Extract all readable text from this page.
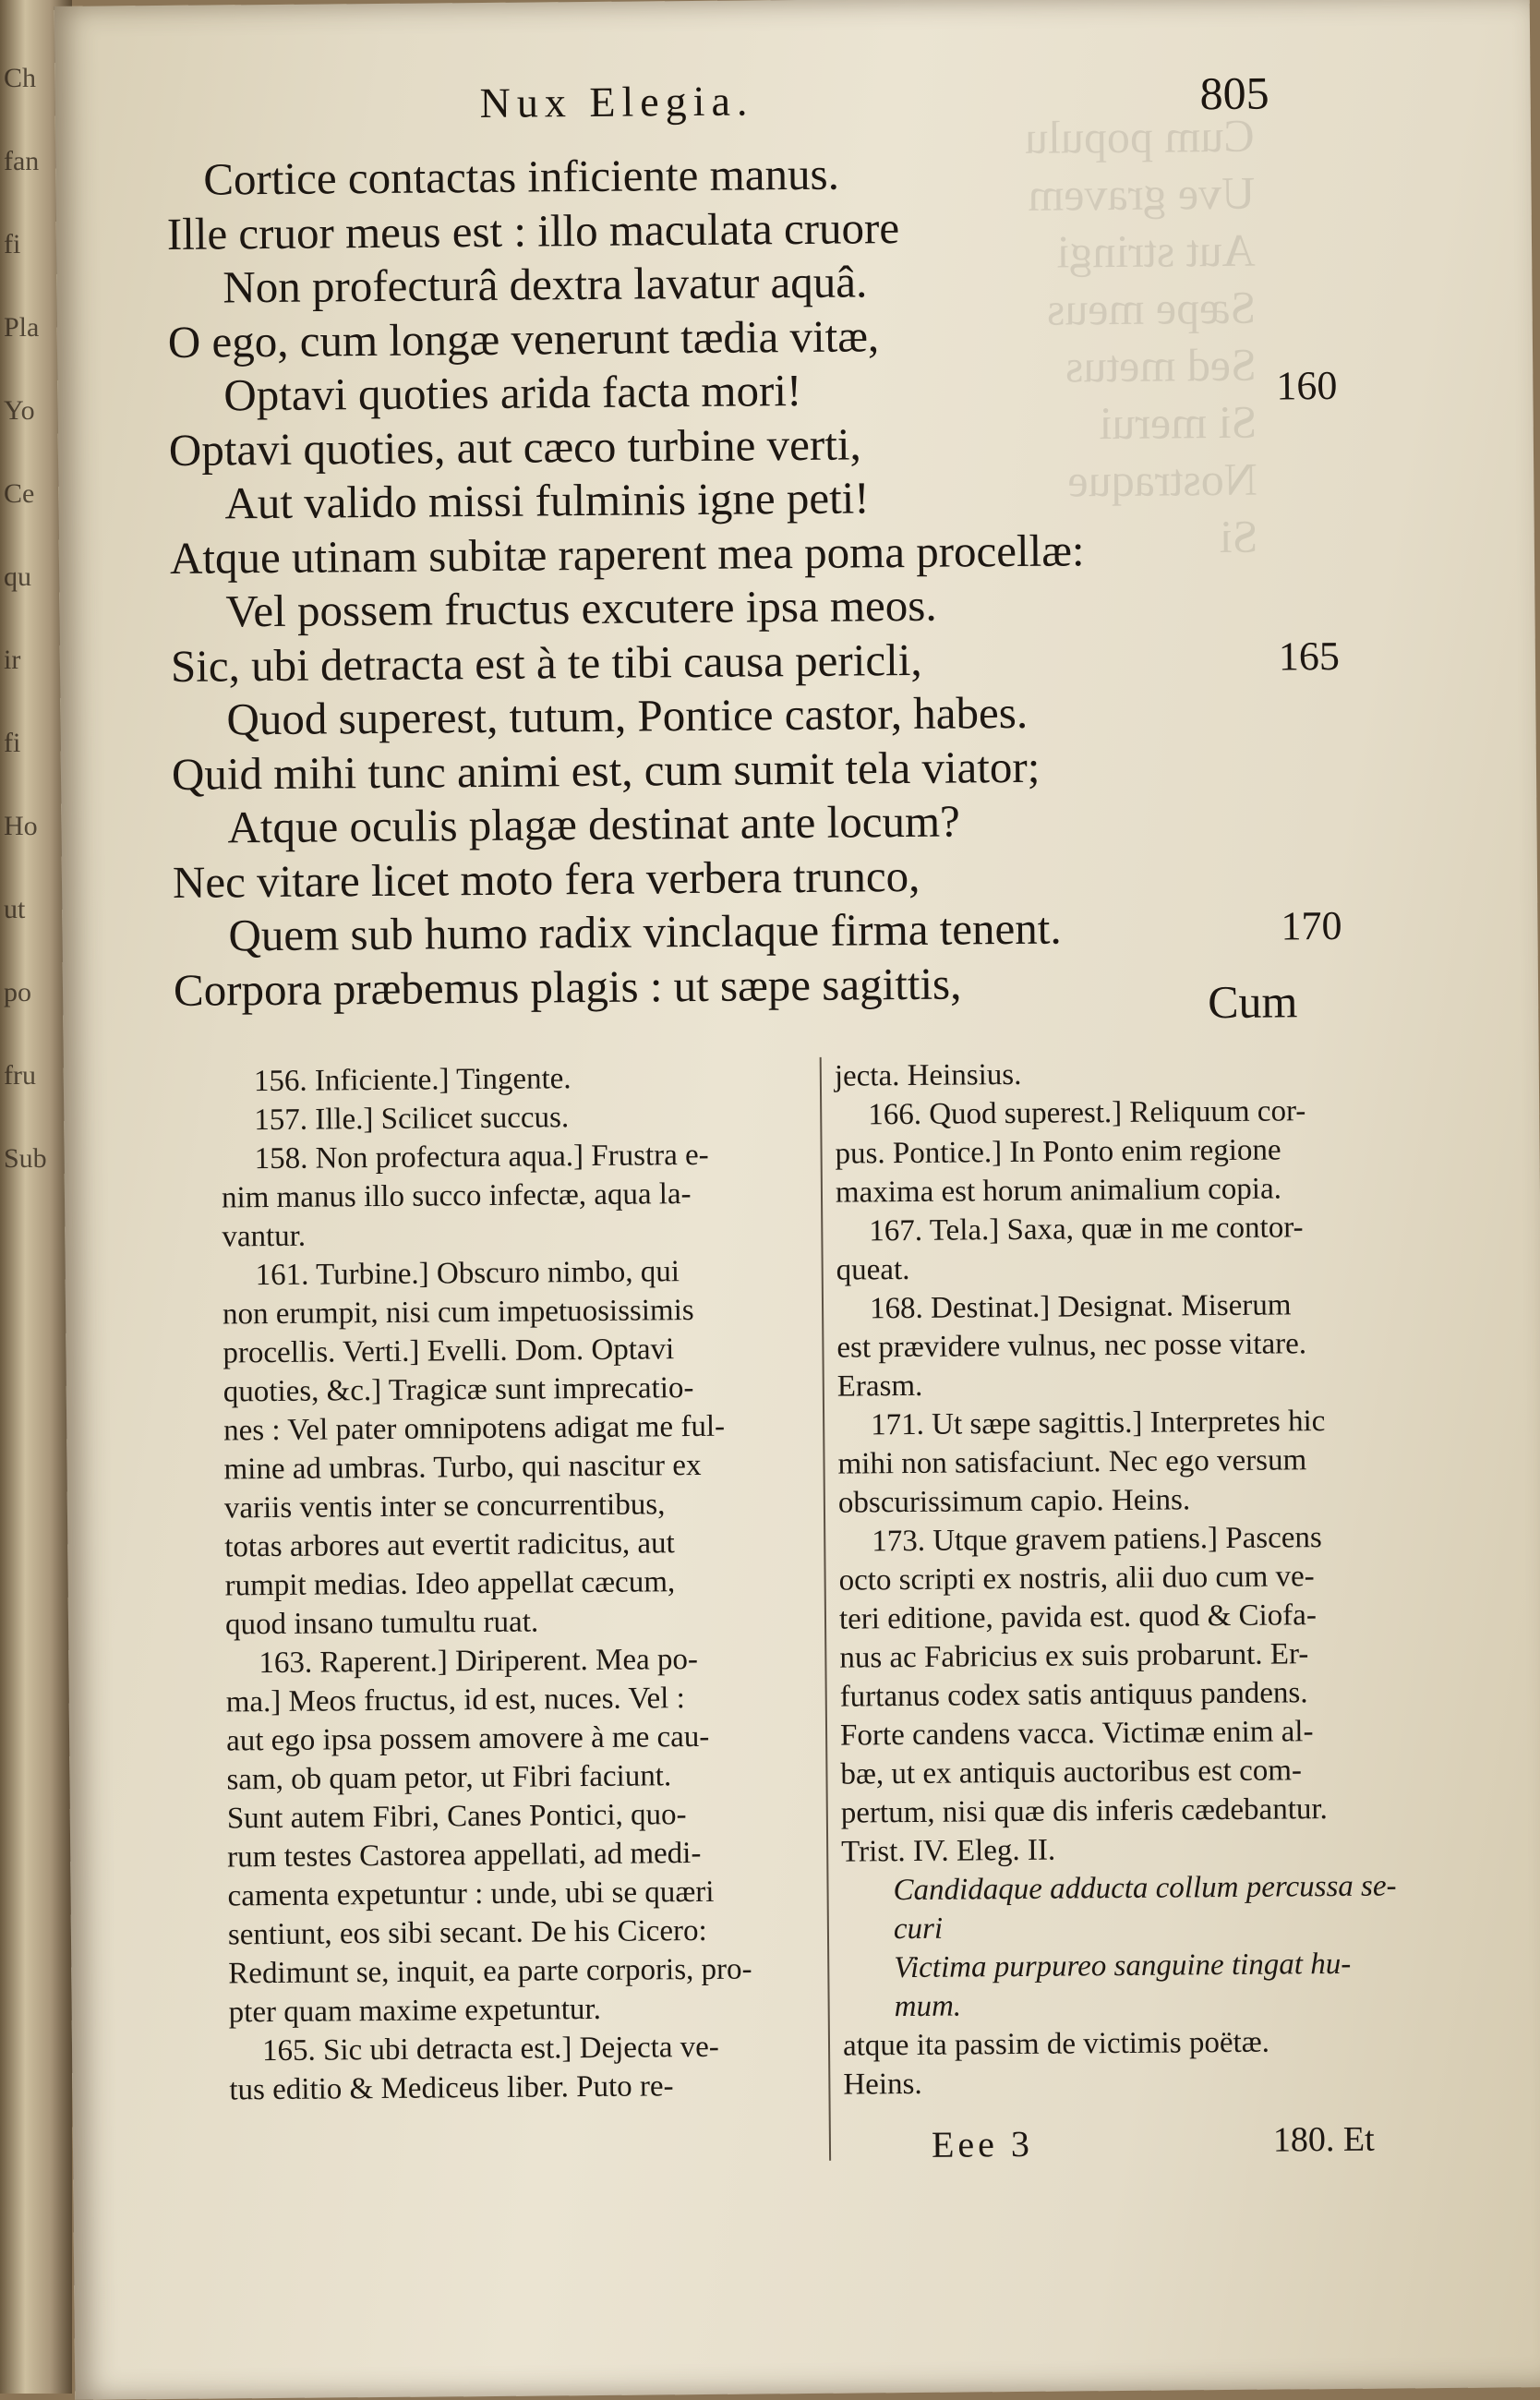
Ch
fan
fi
Pla
Yo
Ce
qu
ir
fi
Ho
ut
po
fru
Sub
Cum populu
Uve gravem
Aut stringi
Sæpe meus
Sed metus
Si merui
Nostraque
Si
Nux Elegia.	805
Cortice contactas inficiente manus.
Ille cruor meus est : illo maculata cruore
Non profecturâ dextra lavatur aquâ.
O ego, cum longæ venerunt tædia vitæ,
Optavi quoties arida facta mori!	160
Optavi quoties, aut cæco turbine verti,
Aut valido missi fulminis igne peti!
Atque utinam subitæ raperent mea poma procellæ:
Vel possem fructus excutere ipsa meos.
Sic, ubi detracta est à te tibi causa pericli,	165
Quod superest, tutum, Pontice castor, habes.
Quid mihi tunc animi est, cum sumit tela viator;
Atque oculis plagæ destinat ante locum?
Nec vitare licet moto fera verbera trunco,
Quem sub humo radix vinclaque firma tenent.	170
Corpora præbemus plagis : ut sæpe sagittis,	Cum
156. Inficiente.] Tingente.
157. Ille.] Scilicet succus.
158. Non profectura aqua.] Frustra e-
nim manus illo succo infectæ, aqua la-
vantur.
161. Turbine.] Obscuro nimbo, qui
non erumpit, nisi cum impetuosissimis
procellis. Verti.] Evelli. Dom. Optavi
quoties, &c.] Tragicæ sunt imprecatio-
nes : Vel pater omnipotens adigat me ful-
mine ad umbras. Turbo, qui nascitur ex
variis ventis inter se concurrentibus,
totas arbores aut evertit radicitus, aut
rumpit medias. Ideo appellat cæcum,
quod insano tumultu ruat.
163. Raperent.] Diriperent. Mea po-
ma.] Meos fructus, id est, nuces. Vel :
aut ego ipsa possem amovere à me cau-
sam, ob quam petor, ut Fibri faciunt.
Sunt autem Fibri, Canes Pontici, quo-
rum testes Castorea appellati, ad medi-
camenta expetuntur : unde, ubi se quæri
sentiunt, eos sibi secant. De his Cicero:
Redimunt se, inquit, ea parte corporis, pro-
pter quam maxime expetuntur.
165. Sic ubi detracta est.] Dejecta ve-
tus editio & Mediceus liber. Puto re-
jecta. Heinsius.
166. Quod superest.] Reliquum cor-
pus. Pontice.] In Ponto enim regione
maxima est horum animalium copia.
167. Tela.] Saxa, quæ in me contor-
queat.
168. Destinat.] Designat. Miserum
est prævidere vulnus, nec posse vitare.
Erasm.
171. Ut sæpe sagittis.] Interpretes hic
mihi non satisfaciunt. Nec ego versum
obscurissimum capio. Heins.
173. Utque gravem patiens.] Pascens
octo scripti ex nostris, alii duo cum ve-
teri editione, pavida est. quod & Ciofa-
nus ac Fabricius ex suis probarunt. Er-
furtanus codex satis antiquus pandens.
Forte candens vacca. Victimæ enim al-
bæ, ut ex antiquis auctoribus est com-
pertum, nisi quæ dis inferis cædebantur.
Trist. IV. Eleg. II.
Candidaque adducta collum percussa se-
curi
Victima purpureo sanguine tingat hu-
mum.
atque ita passim de victimis poëtæ.
Heins.
Eee 3	180. Et
